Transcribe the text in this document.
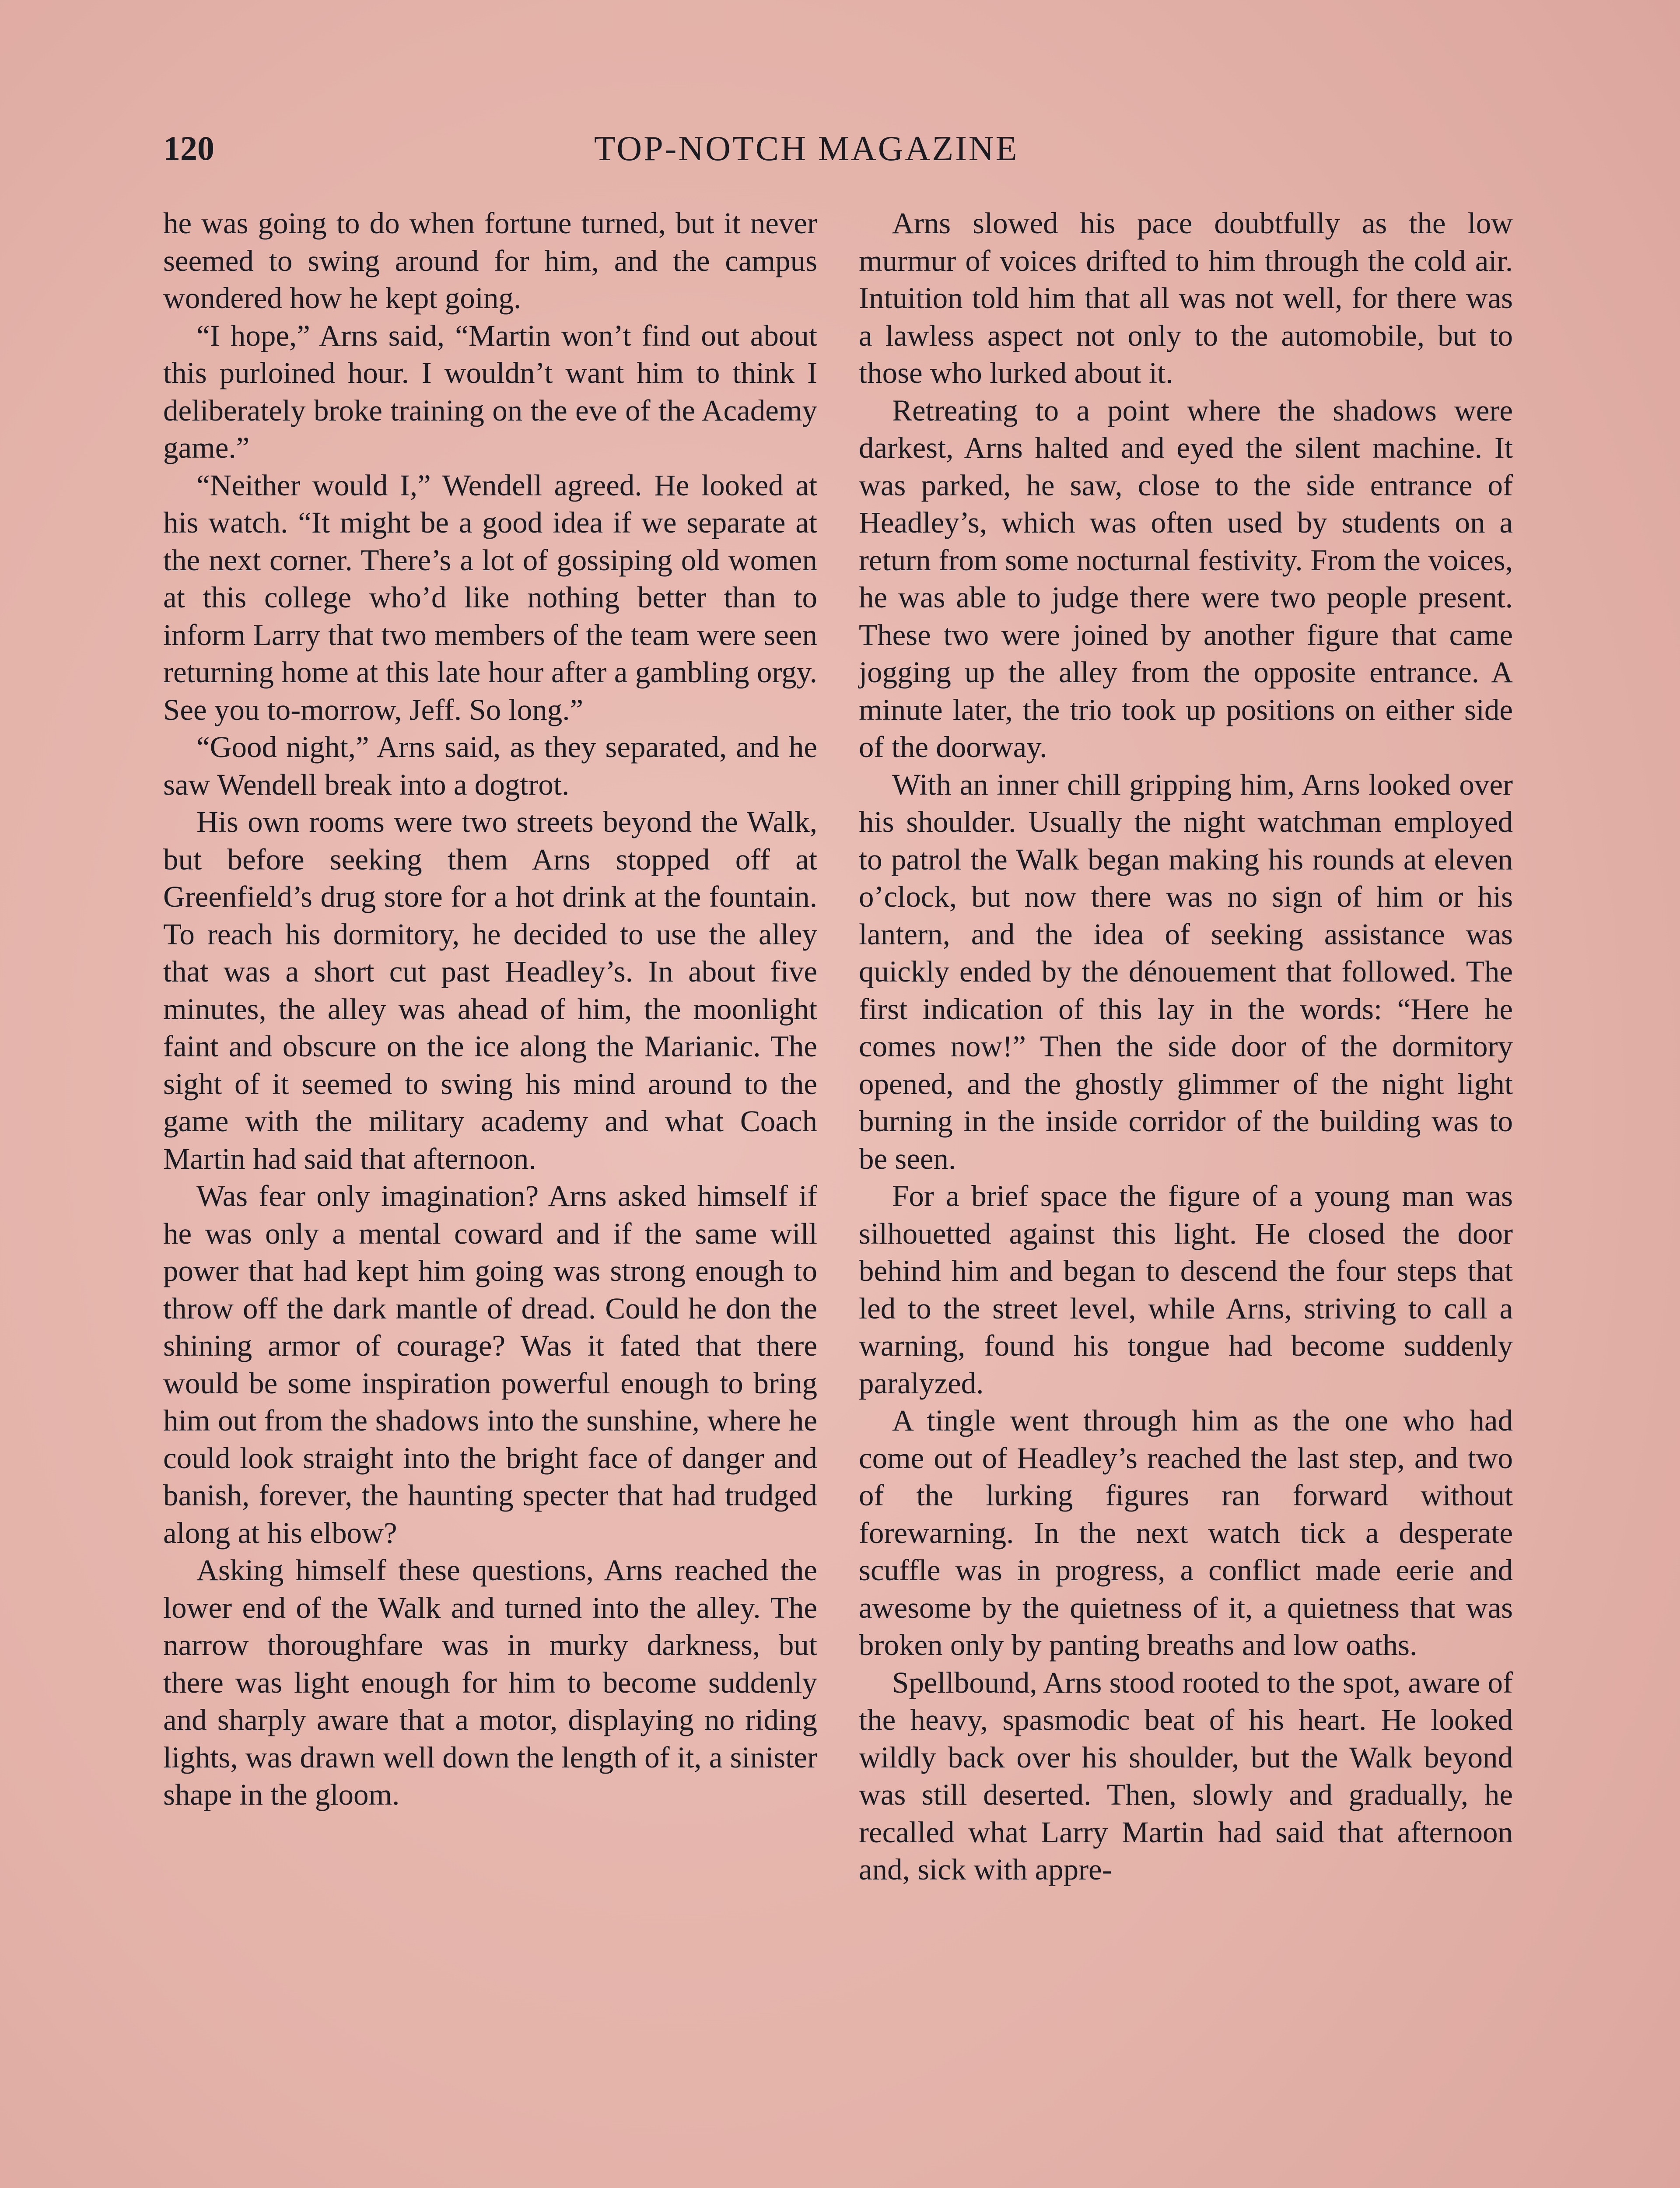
120	TOP-NOTCH MAGAZINE

he was going to do when fortune turned, but it never seemed to swing around for him, and the campus wondered how he kept going.

“I hope,” Arns said, “Martin won’t find out about this purloined hour. I wouldn’t want him to think I deliberately broke training on the eve of the Academy game.”

“Neither would I,” Wendell agreed. He looked at his watch. “It might be a good idea if we separate at the next corner. There’s a lot of gossiping old women at this college who’d like nothing better than to inform Larry that two members of the team were seen returning home at this late hour after a gambling orgy. See you to-morrow, Jeff. So long.”

“Good night,” Arns said, as they separated, and he saw Wendell break into a dogtrot.

His own rooms were two streets beyond the Walk, but before seeking them Arns stopped off at Greenfield’s drug store for a hot drink at the fountain. To reach his dormitory, he decided to use the alley that was a short cut past Headley’s. In about five minutes, the alley was ahead of him, the moonlight faint and obscure on the ice along the Marianic. The sight of it seemed to swing his mind around to the game with the military academy and what Coach Martin had said that afternoon.

Was fear only imagination? Arns asked himself if he was only a mental coward and if the same will power that had kept him going was strong enough to throw off the dark mantle of dread. Could he don the shining armor of courage? Was it fated that there would be some inspiration powerful enough to bring him out from the shadows into the sunshine, where he could look straight into the bright face of danger and banish, forever, the haunting specter that had trudged along at his elbow?

Asking himself these questions, Arns reached the lower end of the Walk and turned into the alley. The narrow thoroughfare was in murky darkness, but there was light enough for him to become suddenly and sharply aware that a motor, displaying no riding lights, was drawn well down the length of it, a sinister shape in the gloom.

Arns slowed his pace doubtfully as the low murmur of voices drifted to him through the cold air. Intuition told him that all was not well, for there was a lawless aspect not only to the automobile, but to those who lurked about it.

Retreating to a point where the shadows were darkest, Arns halted and eyed the silent machine. It was parked, he saw, close to the side entrance of Headley’s, which was often used by students on a return from some nocturnal festivity. From the voices, he was able to judge there were two people present. These two were joined by another figure that came jogging up the alley from the opposite entrance. A minute later, the trio took up positions on either side of the doorway.

With an inner chill gripping him, Arns looked over his shoulder. Usually the night watchman employed to patrol the Walk began making his rounds at eleven o’clock, but now there was no sign of him or his lantern, and the idea of seeking assistance was quickly ended by the dénouement that followed. The first indication of this lay in the words: “Here he comes now!” Then the side door of the dormitory opened, and the ghostly glimmer of the night light burning in the inside corridor of the building was to be seen.

For a brief space the figure of a young man was silhouetted against this light. He closed the door behind him and began to descend the four steps that led to the street level, while Arns, striving to call a warning, found his tongue had become suddenly paralyzed.

A tingle went through him as the one who had come out of Headley’s reached the last step, and two of the lurking figures ran forward without forewarning. In the next watch tick a desperate scuffle was in progress, a conflict made eerie and awesome by the quietness of it, a quietness that was broken only by panting breaths and low oaths.

Spellbound, Arns stood rooted to the spot, aware of the heavy, spasmodic beat of his heart. He looked wildly back over his shoulder, but the Walk beyond was still deserted. Then, slowly and gradually, he recalled what Larry Martin had said that afternoon and, sick with appre-
